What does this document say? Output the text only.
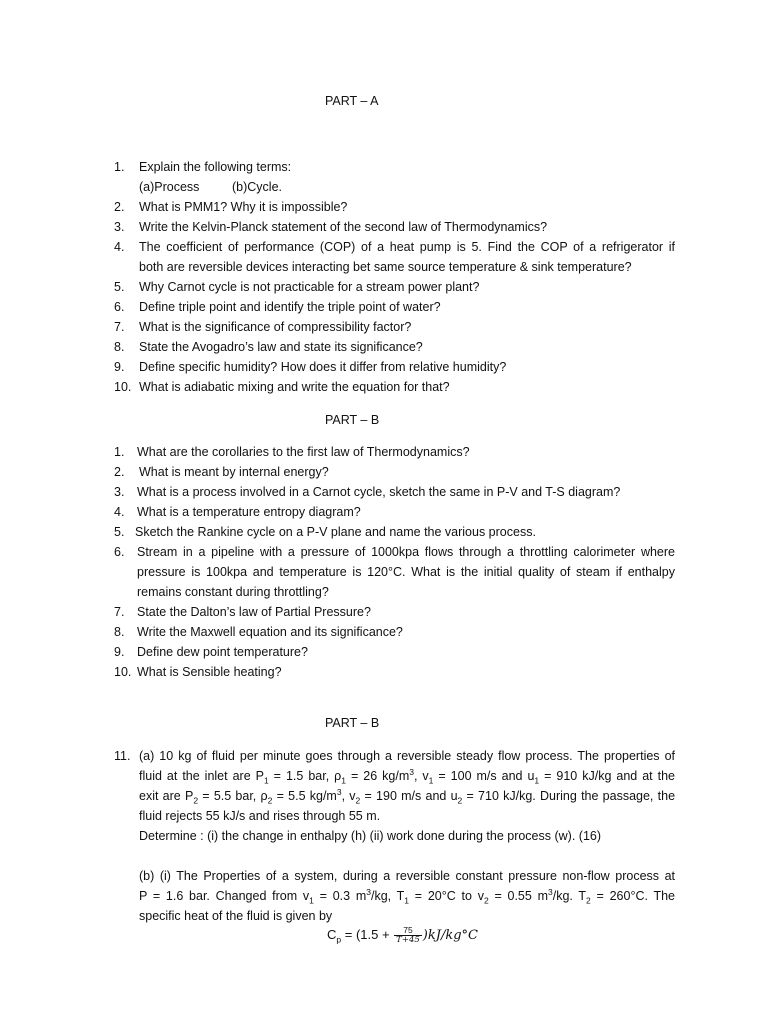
PART – A
1. Explain the following terms:
(a)Process	(b)Cycle.
2. What is PMM1? Why it is impossible?
3. Write the Kelvin-Planck statement of the second law of Thermodynamics?
4. The coefficient of performance (COP) of a heat pump is 5. Find the COP of a refrigerator if
both are reversible devices interacting bet same source temperature & sink temperature?
5. Why Carnot cycle is not practicable for a stream power plant?
6. Define triple point and identify the triple point of water?
7. What is the significance of compressibility factor?
8. State the Avogadro’s law and state its significance?
9. Define specific humidity? How does it differ from relative humidity?
10. What is adiabatic mixing and write the equation for that?
PART – B
1. What are the corollaries to the first law of Thermodynamics?
2. What is meant by internal energy?
3. What is a process involved in a Carnot cycle, sketch the same in P-V and T-S diagram?
4. What is a temperature entropy diagram?
5. Sketch the Rankine cycle on a P-V plane and name the various process.
6. Stream in a pipeline with a pressure of 1000kpa flows through a throttling calorimeter where
pressure is 100kpa and temperature is 120°C. What is the initial quality of steam if enthalpy
remains constant during throttling?
7. State the Dalton’s law of Partial Pressure?
8. Write the Maxwell equation and its significance?
9. Define dew point temperature?
10. What is Sensible heating?
PART – B
11. (a) 10 kg of fluid per minute goes through a reversible steady flow process. The properties of
fluid at the inlet are $P_1 = 1.5$ bar, $\rho_1 = 26$ $kg/m^3$, $v_1 = 100$ m/s and $u_1 = 910$ kJ/kg and at the
exit are $P_2 = 5.5$ bar, $\rho_2 = 5.5$ $kg/m^3$, $v_2 = 190$ m/s and $u_2 = 710$ kJ/kg. During the passage, the
fluid rejects 55 kJ/s and rises through 55 m.
Determine : (i) the change in enthalpy (h) (ii) work done during the process (w). (16)
(b) (i) The Properties of a system, during a reversible constant pressure non-flow process at
P = 1.6 bar. Changed from $v_1 = 0.3$ $m^3/kg$, $T_1 = 20^\circ C$ to $v_2 = 0.55$ $m^3/kg$. $T_2 = 260^\circ C$. The
specific heat of the fluid is given by
$C_p = (1.5 + \frac{75}{T+45} )kJ/kg^\circ C$
